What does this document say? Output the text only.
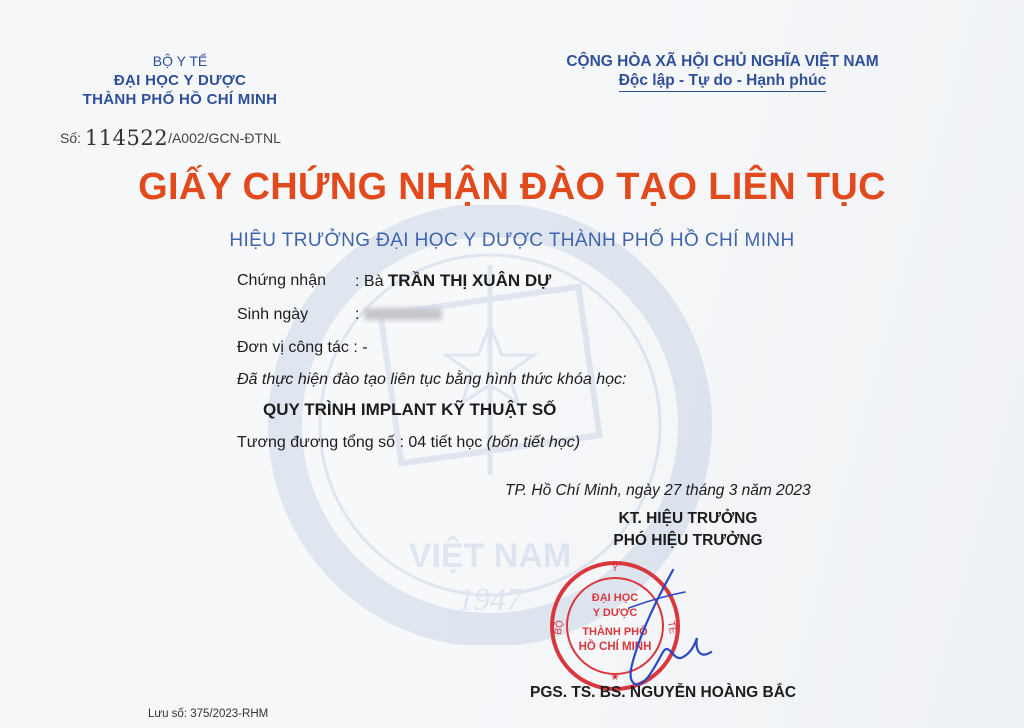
VIỆT NAM
1947
BỘ Y TẾ
ĐẠI HỌC Y DƯỢC
THÀNH PHỐ HỒ CHÍ MINH
CỘNG HÒA XÃ HỘI CHỦ NGHĨA VIỆT NAM
Độc lập - Tự do - Hạnh phúc
Số: 114522/A002/GCN-ĐTNL
GIẤY CHỨNG NHẬN ĐÀO TẠO LIÊN TỤC
HIỆU TRƯỞNG ĐẠI HỌC Y DƯỢC THÀNH PHỐ HỒ CHÍ MINH
Chứng nhận : Bà TRẦN THỊ XUÂN DỰ
Sinh ngày	:
Đơn vị công tác : -
Đã thực hiện đào tạo liên tục bằng hình thức khóa học:
QUY TRÌNH IMPLANT KỸ THUẬT SỐ
Tương đương tổng số : 04 tiết học (bốn tiết học)
TP. Hồ Chí Minh, ngày 27 tháng 3 năm 2023
KT. HIỆU TRƯỞNG
PHÓ HIỆU TRƯỞNG
Y
BỘ	TẾ
ĐẠI HỌC
Y DƯỢC
THÀNH PHỐ
HỒ CHÍ MINH
★
PGS. TS. BS. NGUYỄN HOÀNG BẮC
Lưu số: 375/2023-RHM
